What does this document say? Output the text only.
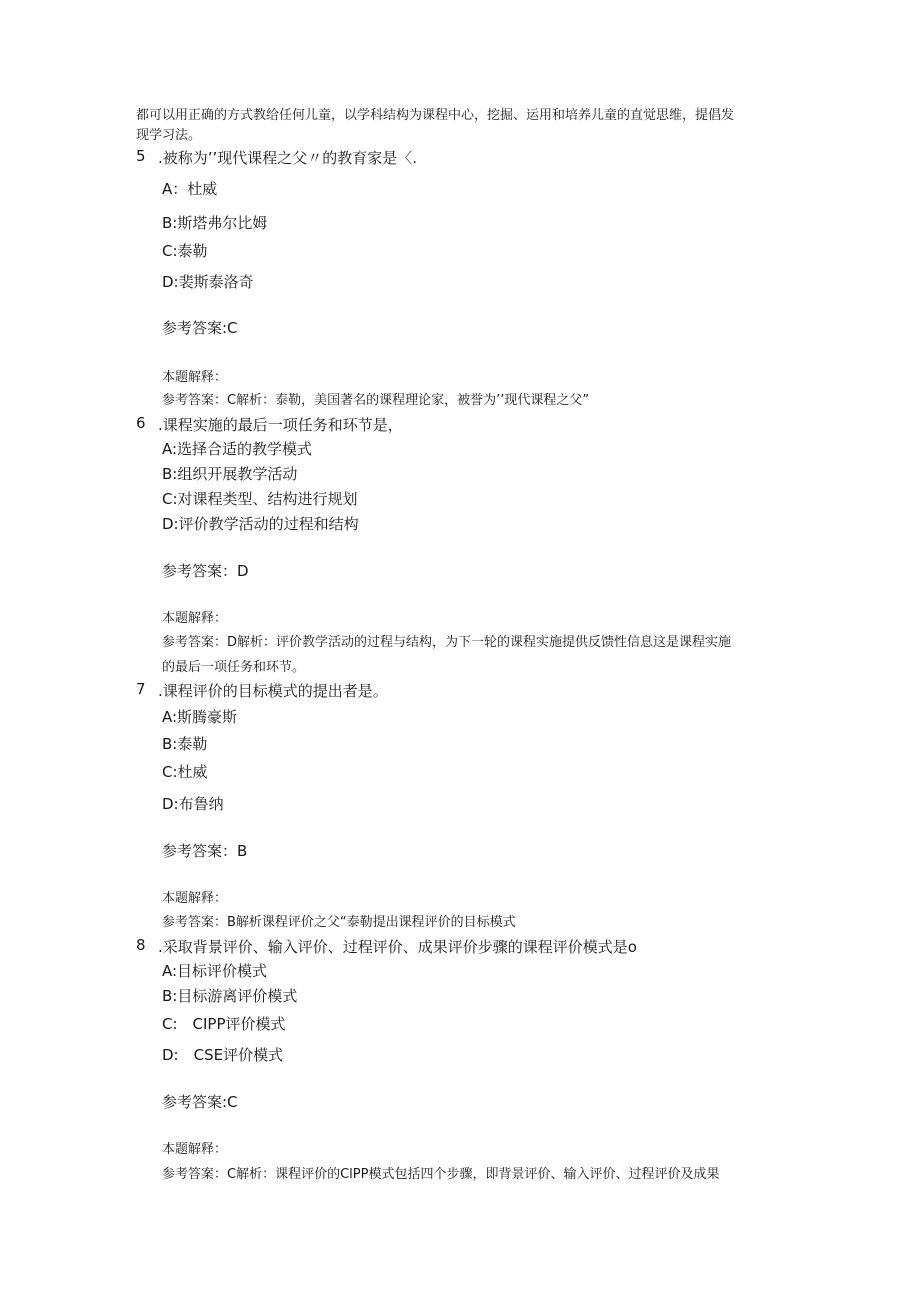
都可以用正确的方式教给任何儿童，以学科结构为课程中心，挖掘、运用和培养儿童的直觉思维，提倡发
现学习法。
5 .被称为’’现代课程之父〃的教育家是〈.
A：杜威
B:斯塔弗尔比姆
C:泰勒
D:裴斯泰洛奇
参考答案:C
本题解释：
参考答案：C解析：泰勒，美国著名的课程理论家，被誉为’’现代课程之父”
6 .课程实施的最后一项任务和环节是，
A:选择合适的教学模式
B:组织开展教学活动
C:对课程类型、结构进行规划
D:评价教学活动的过程和结构
参考答案：D
本题解释：
参考答案：D解析：评价教学活动的过程与结构，为下一轮的课程实施提供反馈性信息这是课程实施
的最后一项任务和环节。
7 .课程评价的目标模式的提出者是。
A:斯腾豪斯
B:泰勒
C:杜威
D:布鲁纳
参考答案：B
本题解释：
参考答案：B解析课程评价之父“泰勒提出课程评价的目标模式
8 .采取背景评价、输入评价、过程评价、成果评价步骤的课程评价模式是o
A:目标评价模式
B:目标游离评价模式
C:　CIPP评价模式
D:　CSE评价模式
参考答案:C
本题解释：
参考答案：C解析：课程评价的ClPP模式包括四个步骤，即背景评价、输入评价、过程评价及成果
